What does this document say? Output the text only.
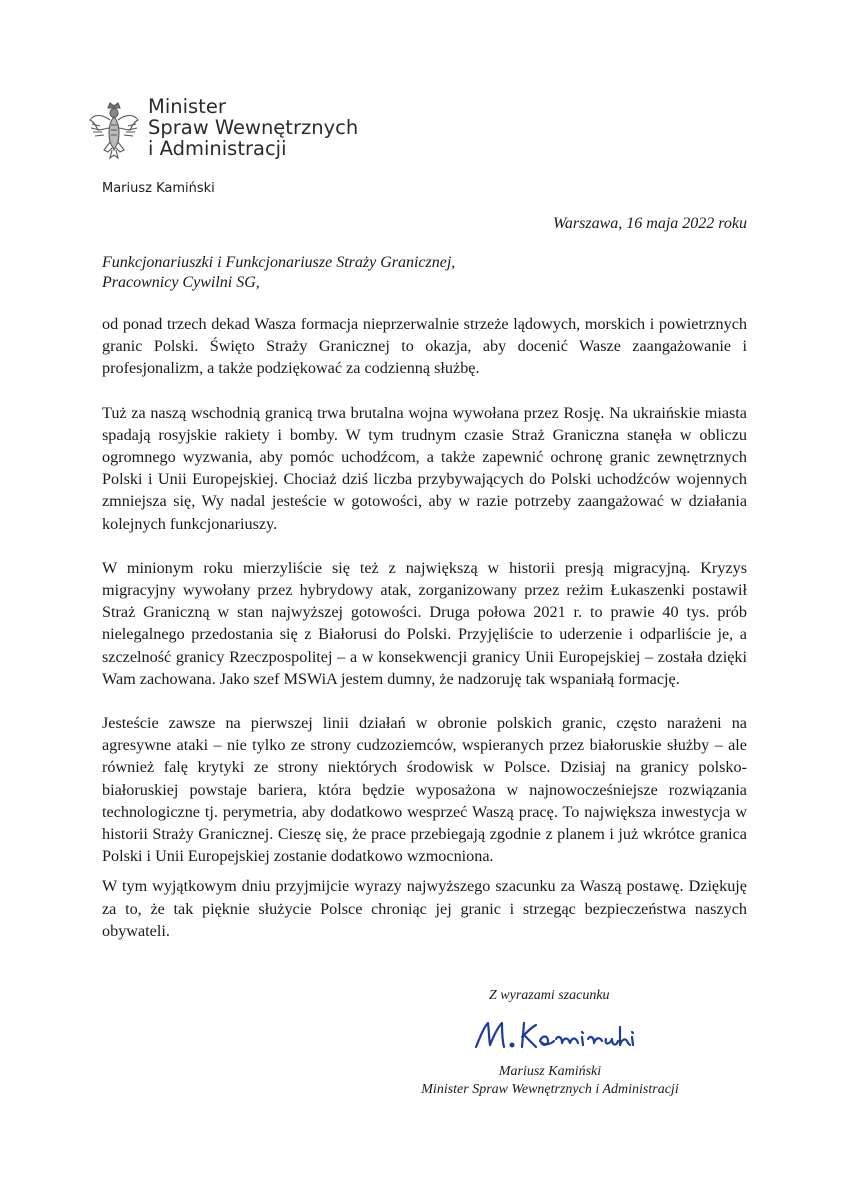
Minister
Spraw Wewnętrznych
i Administracji
Mariusz Kamiński
Warszawa, 16 maja 2022 roku
Funkcjonariuszki i Funkcjonariusze Straży Granicznej,
Pracownicy Cywilni SG,

od ponad trzech dekad Wasza formacja nieprzerwalnie strzeże lądowych, morskich i powietrznych granic Polski. Święto Straży Granicznej to okazja, aby docenić Wasze zaangażowanie i profesjonalizm, a także podziękować za codzienną służbę.

Tuż za naszą wschodnią granicą trwa brutalna wojna wywołana przez Rosję. Na ukraińskie miasta spadają rosyjskie rakiety i bomby. W tym trudnym czasie Straż Graniczna stanęła w obliczu ogromnego wyzwania, aby pomóc uchodźcom, a także zapewnić ochronę granic zewnętrznych Polski i Unii Europejskiej. Chociaż dziś liczba przybywających do Polski uchodźców wojennych zmniejsza się, Wy nadal jesteście w gotowości, aby w razie potrzeby zaangażować w działania kolejnych funkcjonariuszy.

W minionym roku mierzyliście się też z największą w historii presją migracyjną. Kryzys migracyjny wywołany przez hybrydowy atak, zorganizowany przez reżim Łukaszenki postawił Straż Graniczną w stan najwyższej gotowości. Druga połowa 2021 r. to prawie 40 tys. prób nielegalnego przedostania się z Białorusi do Polski. Przyjęliście to uderzenie i odparliście je, a szczelność granicy Rzeczpospolitej – a w konsekwencji granicy Unii Europejskiej – została dzięki Wam zachowana. Jako szef MSWiA jestem dumny, że nadzoruję tak wspaniałą formację.

Jesteście zawsze na pierwszej linii działań w obronie polskich granic, często narażeni na agresywne ataki – nie tylko ze strony cudzoziemców, wspieranych przez białoruskie służby – ale również falę krytyki ze strony niektórych środowisk w Polsce. Dzisiaj na granicy polsko-białoruskiej powstaje bariera, która będzie wyposażona w najnowocześniejsze rozwiązania technologiczne tj. perymetria, aby dodatkowo wesprzeć Waszą pracę. To największa inwestycja w historii Straży Granicznej. Cieszę się, że prace przebiegają zgodnie z planem i już wkrótce granica Polski i Unii Europejskiej zostanie dodatkowo wzmocniona.

W tym wyjątkowym dniu przyjmijcie wyrazy najwyższego szacunku za Waszą postawę. Dziękuję za to, że tak pięknie służycie Polsce chroniąc jej granic i strzegąc bezpieczeństwa naszych obywateli.

Z wyrazami szacunku
Mariusz Kamiński
Minister Spraw Wewnętrznych i Administracji
